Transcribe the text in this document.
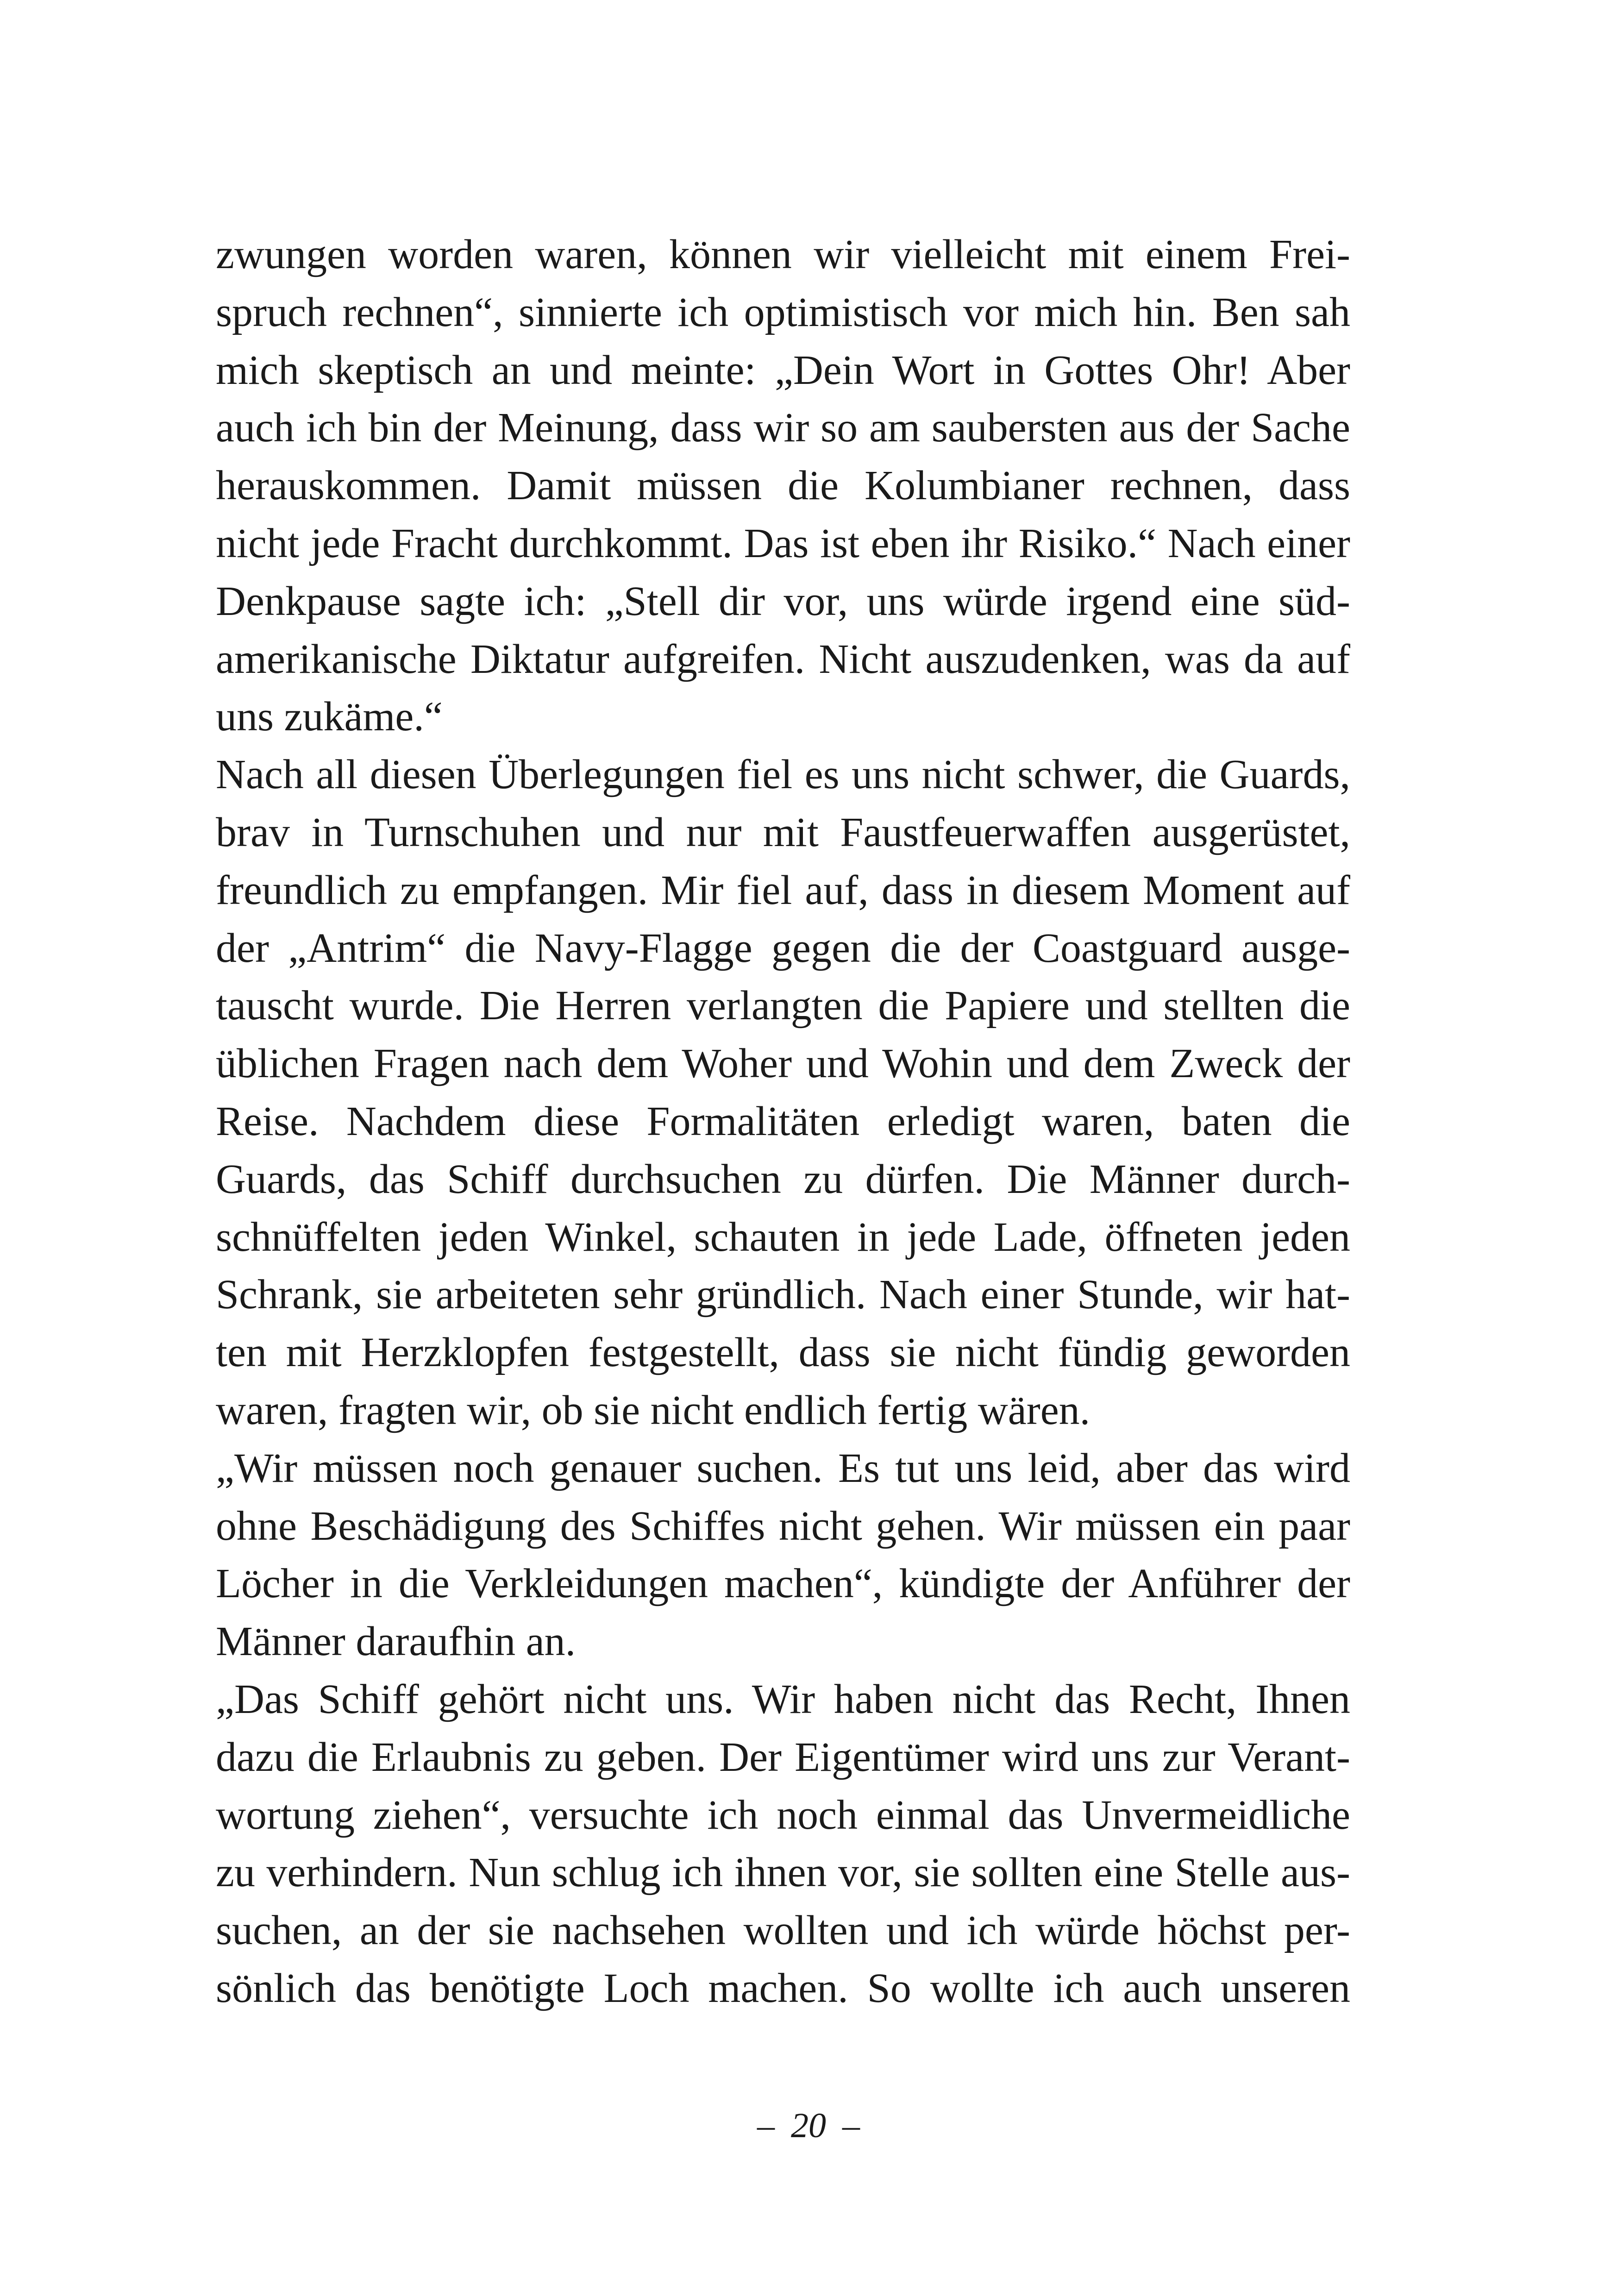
zwungen worden waren, können wir vielleicht mit einem Frei-
spruch rechnen“, sinnierte ich optimistisch vor mich hin. Ben sah
mich skeptisch an und meinte: „Dein Wort in Gottes Ohr! Aber
auch ich bin der Meinung, dass wir so am saubersten aus der Sache
herauskommen. Damit müssen die Kolumbianer rechnen, dass
nicht jede Fracht durchkommt. Das ist eben ihr Risiko.“ Nach einer
Denkpause sagte ich: „Stell dir vor, uns würde irgend eine süd-
amerikanische Diktatur aufgreifen. Nicht auszudenken, was da auf
uns zukäme.“
Nach all diesen Überlegungen fiel es uns nicht schwer, die Guards,
brav in Turnschuhen und nur mit Faustfeuerwaffen ausgerüstet,
freundlich zu empfangen. Mir fiel auf, dass in diesem Moment auf
der „Antrim“ die Navy-Flagge gegen die der Coastguard ausge-
tauscht wurde. Die Herren verlangten die Papiere und stellten die
üblichen Fragen nach dem Woher und Wohin und dem Zweck der
Reise. Nachdem diese Formalitäten erledigt waren, baten die
Guards, das Schiff durchsuchen zu dürfen. Die Männer durch-
schnüffelten jeden Winkel, schauten in jede Lade, öffneten jeden
Schrank, sie arbeiteten sehr gründlich. Nach einer Stunde, wir hat-
ten mit Herzklopfen festgestellt, dass sie nicht fündig geworden
waren, fragten wir, ob sie nicht endlich fertig wären.
„Wir müssen noch genauer suchen. Es tut uns leid, aber das wird
ohne Beschädigung des Schiffes nicht gehen. Wir müssen ein paar
Löcher in die Verkleidungen machen“, kündigte der Anführer der
Männer daraufhin an.
„Das Schiff gehört nicht uns. Wir haben nicht das Recht, Ihnen
dazu die Erlaubnis zu geben. Der Eigentümer wird uns zur Verant-
wortung ziehen“, versuchte ich noch einmal das Unvermeidliche
zu verhindern. Nun schlug ich ihnen vor, sie sollten eine Stelle aus-
suchen, an der sie nachsehen wollten und ich würde höchst per-
sönlich das benötigte Loch machen. So wollte ich auch unseren
– 20 –
